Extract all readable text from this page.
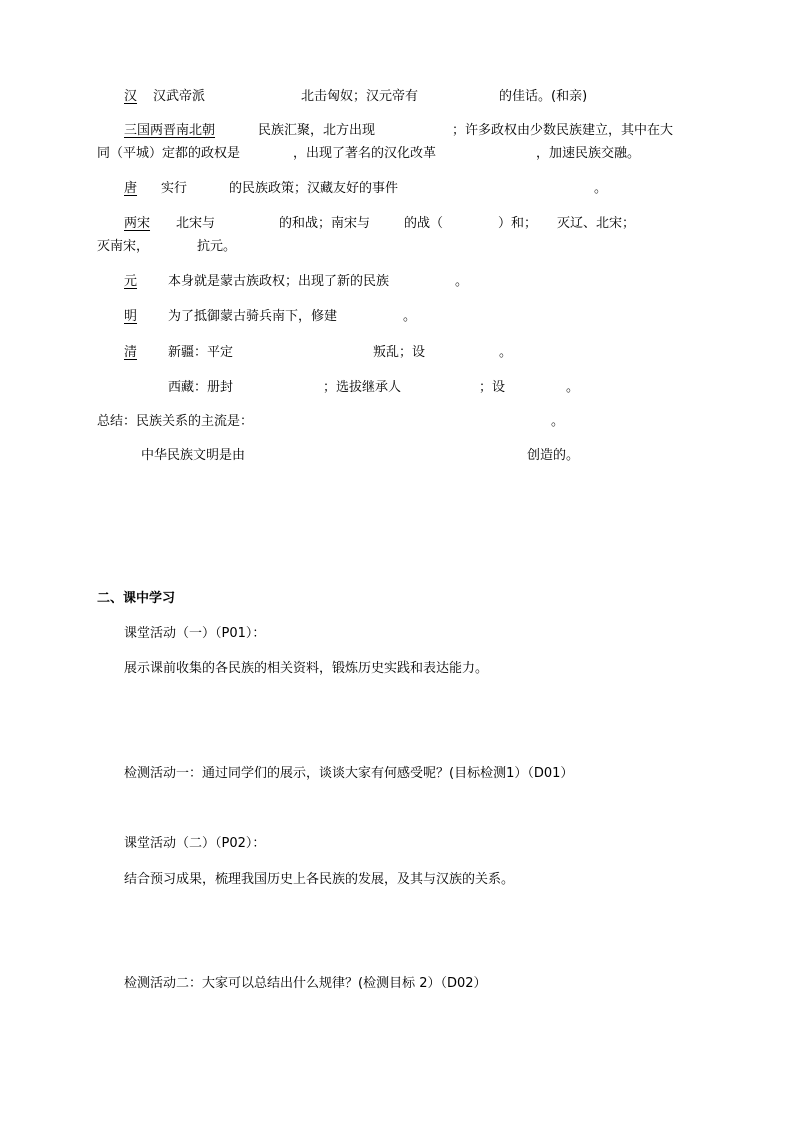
汉 汉武帝派	北击匈奴；汉元帝有	的佳话。(和亲)
三国两晋南北朝	民族汇聚，北方出现	；许多政权由少数民族建立，其中在大
同（平城）定都的政权是	，出现了著名的汉化改革	，加速民族交融。
唐 实行	的民族政策；汉藏友好的事件	。
两宋 北宋与	的和战；南宋与	的战（	）和； 灭辽、北宋；
灭南宋，	抗元。
元 本身就是蒙古族政权；出现了新的民族	。
明 为了抵御蒙古骑兵南下，修建	。
清 新疆：平定	叛乱；设	。
西藏：册封	；选拔继承人	；设	。
总结：民族关系的主流是：	。
中华民族文明是由	创造的。
二、课中学习
课堂活动（一）（P01）：
展示课前收集的各民族的相关资料，锻炼历史实践和表达能力。
检测活动一：通过同学们的展示，谈谈大家有何感受呢？(目标检测1）（D01）
课堂活动（二）（P02）：
结合预习成果，梳理我国历史上各民族的发展，及其与汉族的关系。
检测活动二：大家可以总结出什么规律？(检测目标 2）（D02）
